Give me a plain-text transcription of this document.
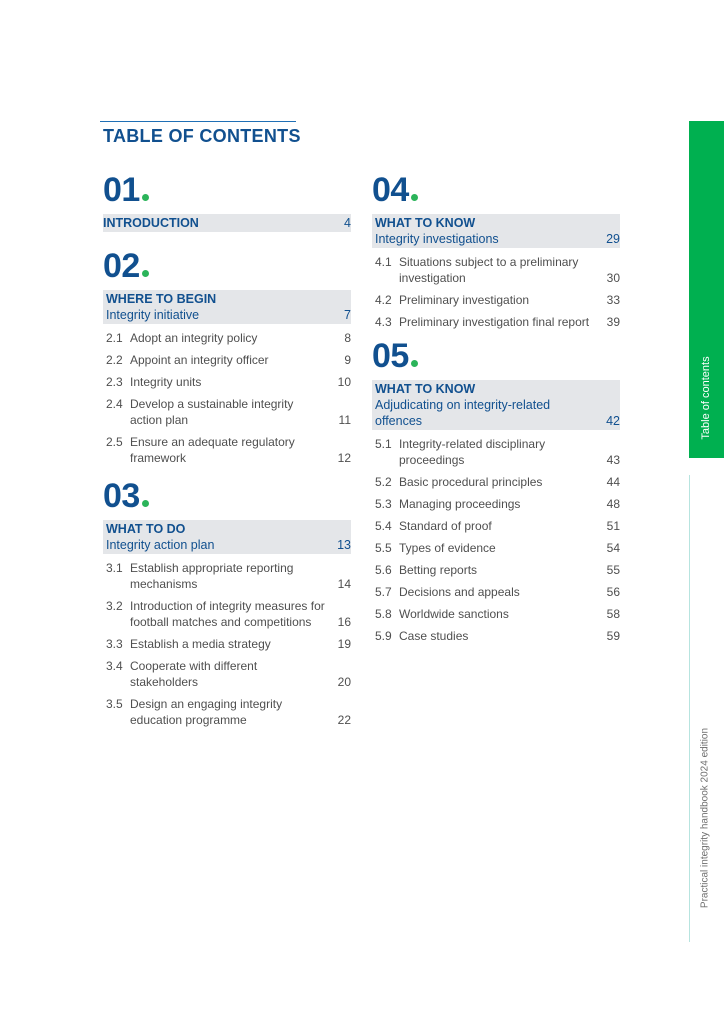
TABLE OF CONTENTS
01
INTRODUCTION	4
02
WHERE TO BEGIN
Integrity initiative	7
2.1 Adopt an integrity policy	8
2.2 Appoint an integrity officer	9
2.3 Integrity units	10
2.4 Develop a sustainable integrity action plan	11
2.5 Ensure an adequate regulatory framework	12
03
WHAT TO DO
Integrity action plan	13
3.1 Establish appropriate reporting mechanisms	14
3.2 Introduction of integrity measures for football matches and competitions 16
3.3 Establish a media strategy	19
3.4 Cooperate with different stakeholders	20
3.5 Design an engaging integrity education programme	22
04
WHAT TO KNOW
Integrity investigations	29
4.1 Situations subject to a preliminary investigation	30
4.2 Preliminary investigation	33
4.3 Preliminary investigation final report 39
05
WHAT TO KNOW
Adjudicating on integrity-related offences	42
5.1 Integrity-related disciplinary proceedings	43
5.2 Basic procedural principles	44
5.3 Managing proceedings	48
5.4 Standard of proof	51
5.5 Types of evidence	54
5.6 Betting reports	55
5.7 Decisions and appeals	56
5.8 Worldwide sanctions	58
5.9 Case studies	59
Table of contents
Practical integrity handbook 2024 edition
